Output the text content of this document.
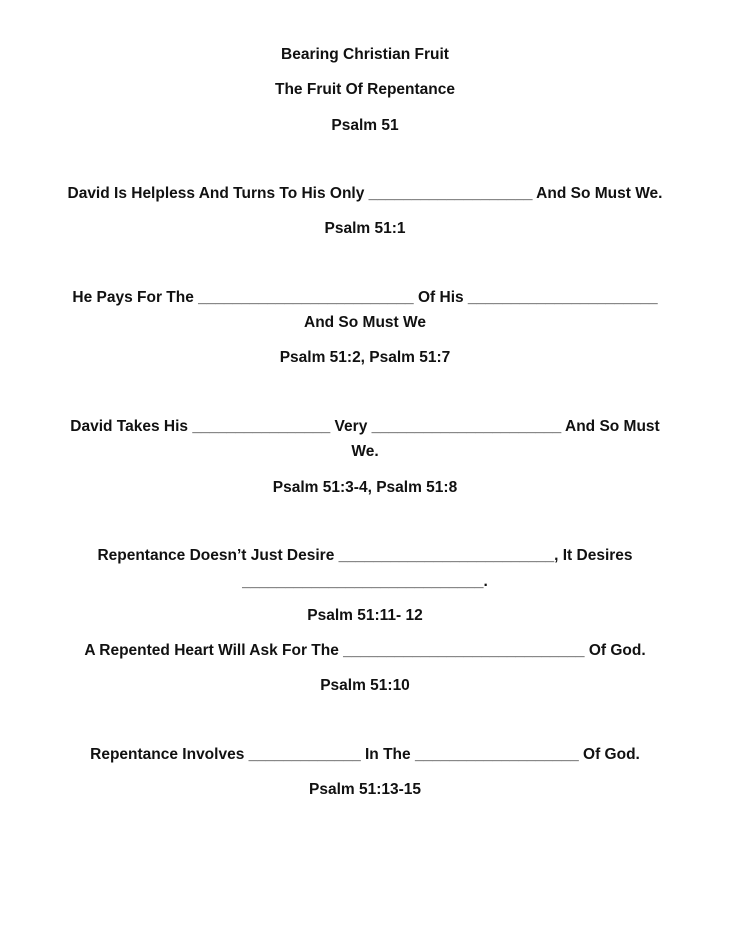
Bearing Christian Fruit
The Fruit Of Repentance
Psalm 51
David Is Helpless And Turns To His Only ___________________ And So Must We.
Psalm 51:1
He Pays For The _________________________ Of His ______________________
And So Must We
Psalm 51:2, Psalm 51:7
David Takes His ________________ Very ______________________ And So Must
We.
Psalm 51:3-4, Psalm 51:8
Repentance Doesn’t Just Desire _________________________, It Desires
____________________________.
Psalm 51:11- 12
A Repented Heart Will Ask For The ____________________________ Of God.
Psalm 51:10
Repentance Involves _____________ In The ___________________ Of God.
Psalm 51:13-15
